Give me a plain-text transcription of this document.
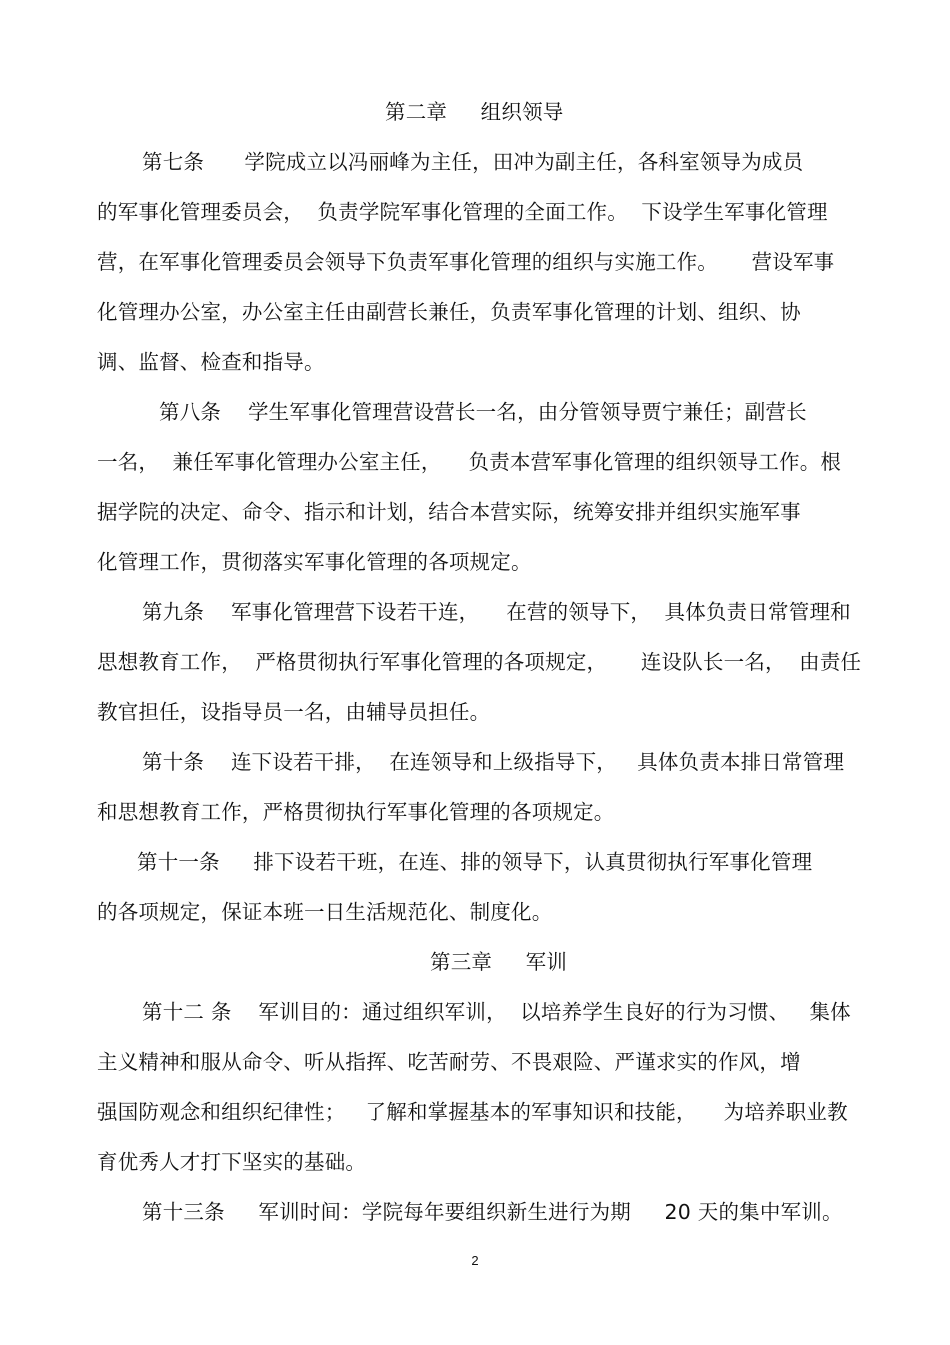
第二章     组织领导
第七条      学院成立以冯丽峰为主任，田冲为副主任，各科室领导为成员
的军事化管理委员会，  负责学院军事化管理的全面工作。  下设学生军事化管理
营，在军事化管理委员会领导下负责军事化管理的组织与实施工作。     营设军事
化管理办公室，办公室主任由副营长兼任，负责军事化管理的计划、组织、协
调、监督、检查和指导。
第八条    学生军事化管理营设营长一名，由分管领导贾宁兼任；副营长
一名，  兼任军事化管理办公室主任，    负责本营军事化管理的组织领导工作。根
据学院的决定、命令、指示和计划，结合本营实际，统筹安排并组织实施军事
化管理工作，贯彻落实军事化管理的各项规定。
第九条    军事化管理营下设若干连，    在营的领导下，  具体负责日常管理和
思想教育工作，  严格贯彻执行军事化管理的各项规定，     连设队长一名，  由责任
教官担任，设指导员一名，由辅导员担任。
第十条    连下设若干排，  在连领导和上级指导下，   具体负责本排日常管理
和思想教育工作，严格贯彻执行军事化管理的各项规定。
第十一条     排下设若干班，在连、排的领导下，认真贯彻执行军事化管理
的各项规定，保证本班一日生活规范化、制度化。
第三章     军训
第十二 条    军训目的：通过组织军训，  以培养学生良好的行为习惯、   集体
主义精神和服从命令、听从指挥、吃苦耐劳、不畏艰险、严谨求实的作风，增
强国防观念和组织纪律性；   了解和掌握基本的军事知识和技能，    为培养职业教
育优秀人才打下坚实的基础。
第十三条     军训时间：学院每年要组织新生进行为期     20 天的集中军训。
2
